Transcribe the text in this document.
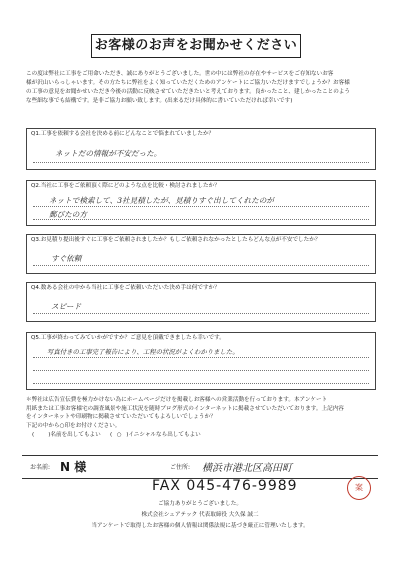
お客様のお声をお聞かせください

この度は弊社に工事をご用命いただき、誠にありがとうございました。世の中には弊社の存在やサービスをご存知ないお客

様が沢山いらっしゃいます。その方たちに弊社をよく知っていただくためのアンケートにご協力いただけますでしょうか？お客様

の工事の意見をお聞かせいただき今後の活動に反映させていただきたいと考えております。良かったこと、建しかったことのよう

な些細な事でも結構です。是非ご協力お願い致します。(出来るだけ具体的に書いていただければ幸いです)

Q1.工事を依頼する会社を決める前にどんなことで悩まれていましたか？
ネットだの情報が不安だった。
Q2.当社に工事をご依頼頂く際にどのような点を比較・検討されましたか？
ネットで検索して、3社見積したが、見積りすぐ出してくれたのが
郵びたの方
Q3.お見積り提出後すぐに工事をご依頼されましたか？もしご依頼されなかったとしたらどんな点が不安でしたか？
すぐ依頼
Q4.数ある会社の中から当社に工事をご依頼いただいた決め手は何ですか？
スピード
Q5.工事が終わってみていかがですか？ご意見を頂戴できましたら幸いです。
写真付きの工事完了報告により、工程の状況がよくわかりました。

＊弊社は広告宣伝費を極力かけない為にホームページだけを掲載しお客様への営業活動を行っております。本アンケート

用紙または工事お客様宅の調査風景や施工状況を随時ブログ形式のインターネットに掲載させていただいております。上記内容

をインターネットや印刷物に掲載させていただいてもよろしいでしょうか？

下記の中から○印をお付けください。

(	)名前を出してもよい ( ○ )イニシャルなら出してもよい
お名前: N 様	ご住所: 横浜市港北区高田町
FAX 045-476-9989	案
ご協力ありがとうございました。
株式会社シェアテック 代表取締役 大久保 誠二
当アンケートで取得したお客様の個人情報は関係法規に基づき厳正に管理いたします。
